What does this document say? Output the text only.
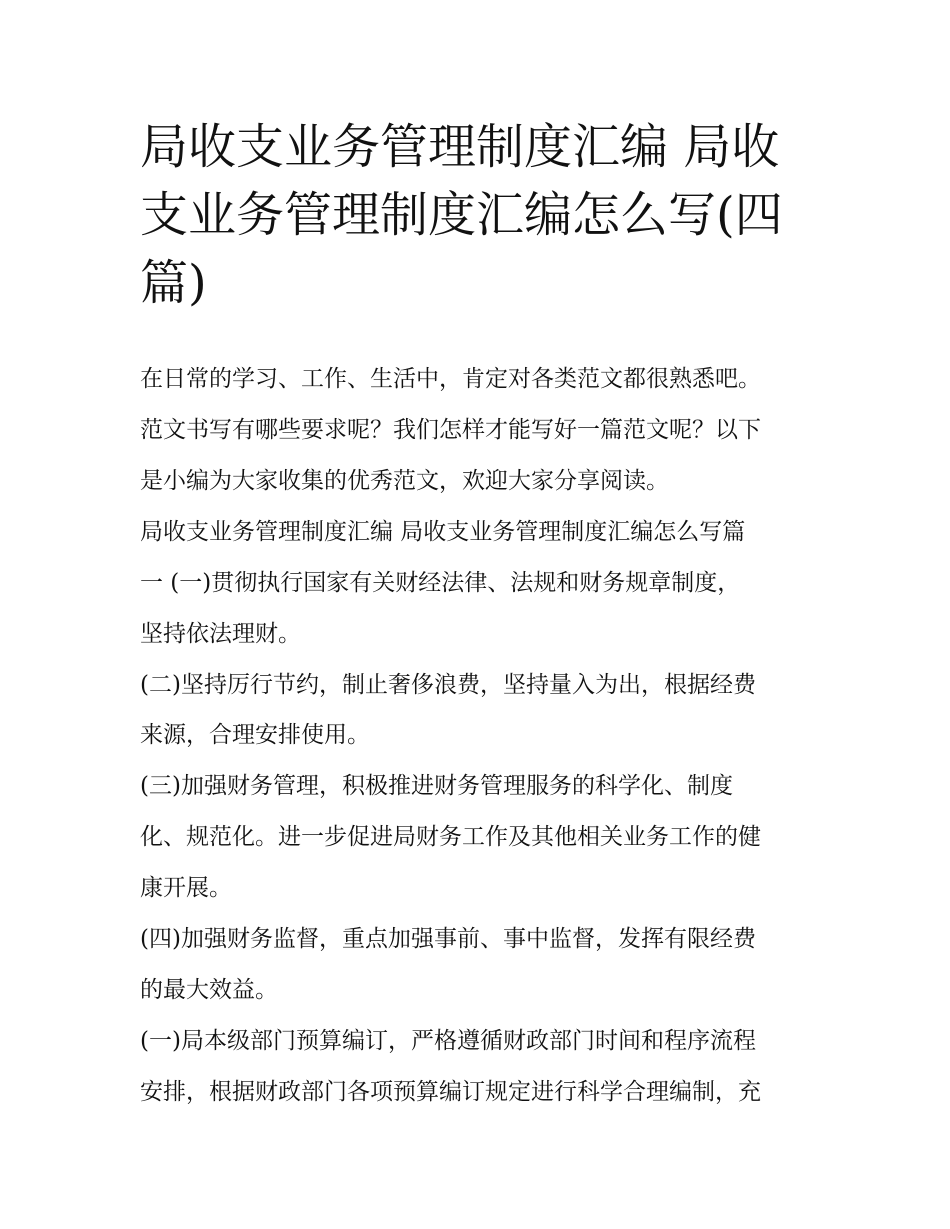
局收支业务管理制度汇编 局收支业务管理制度汇编怎么写(四篇)

在日常的学习、工作、生活中，肯定对各类范文都很熟悉吧。

范文书写有哪些要求呢？我们怎样才能写好一篇范文呢？以下

是小编为大家收集的优秀范文，欢迎大家分享阅读。

局收支业务管理制度汇编 局收支业务管理制度汇编怎么写篇

一 (一)贯彻执行国家有关财经法律、法规和财务规章制度，

坚持依法理财。

(二)坚持厉行节约，制止奢侈浪费，坚持量入为出，根据经费

来源，合理安排使用。

(三)加强财务管理，积极推进财务管理服务的科学化、制度

化、规范化。进一步促进局财务工作及其他相关业务工作的健

康开展。

(四)加强财务监督，重点加强事前、事中监督，发挥有限经费

的最大效益。

(一)局本级部门预算编订，严格遵循财政部门时间和程序流程

安排，根据财政部门各项预算编订规定进行科学合理编制，充
